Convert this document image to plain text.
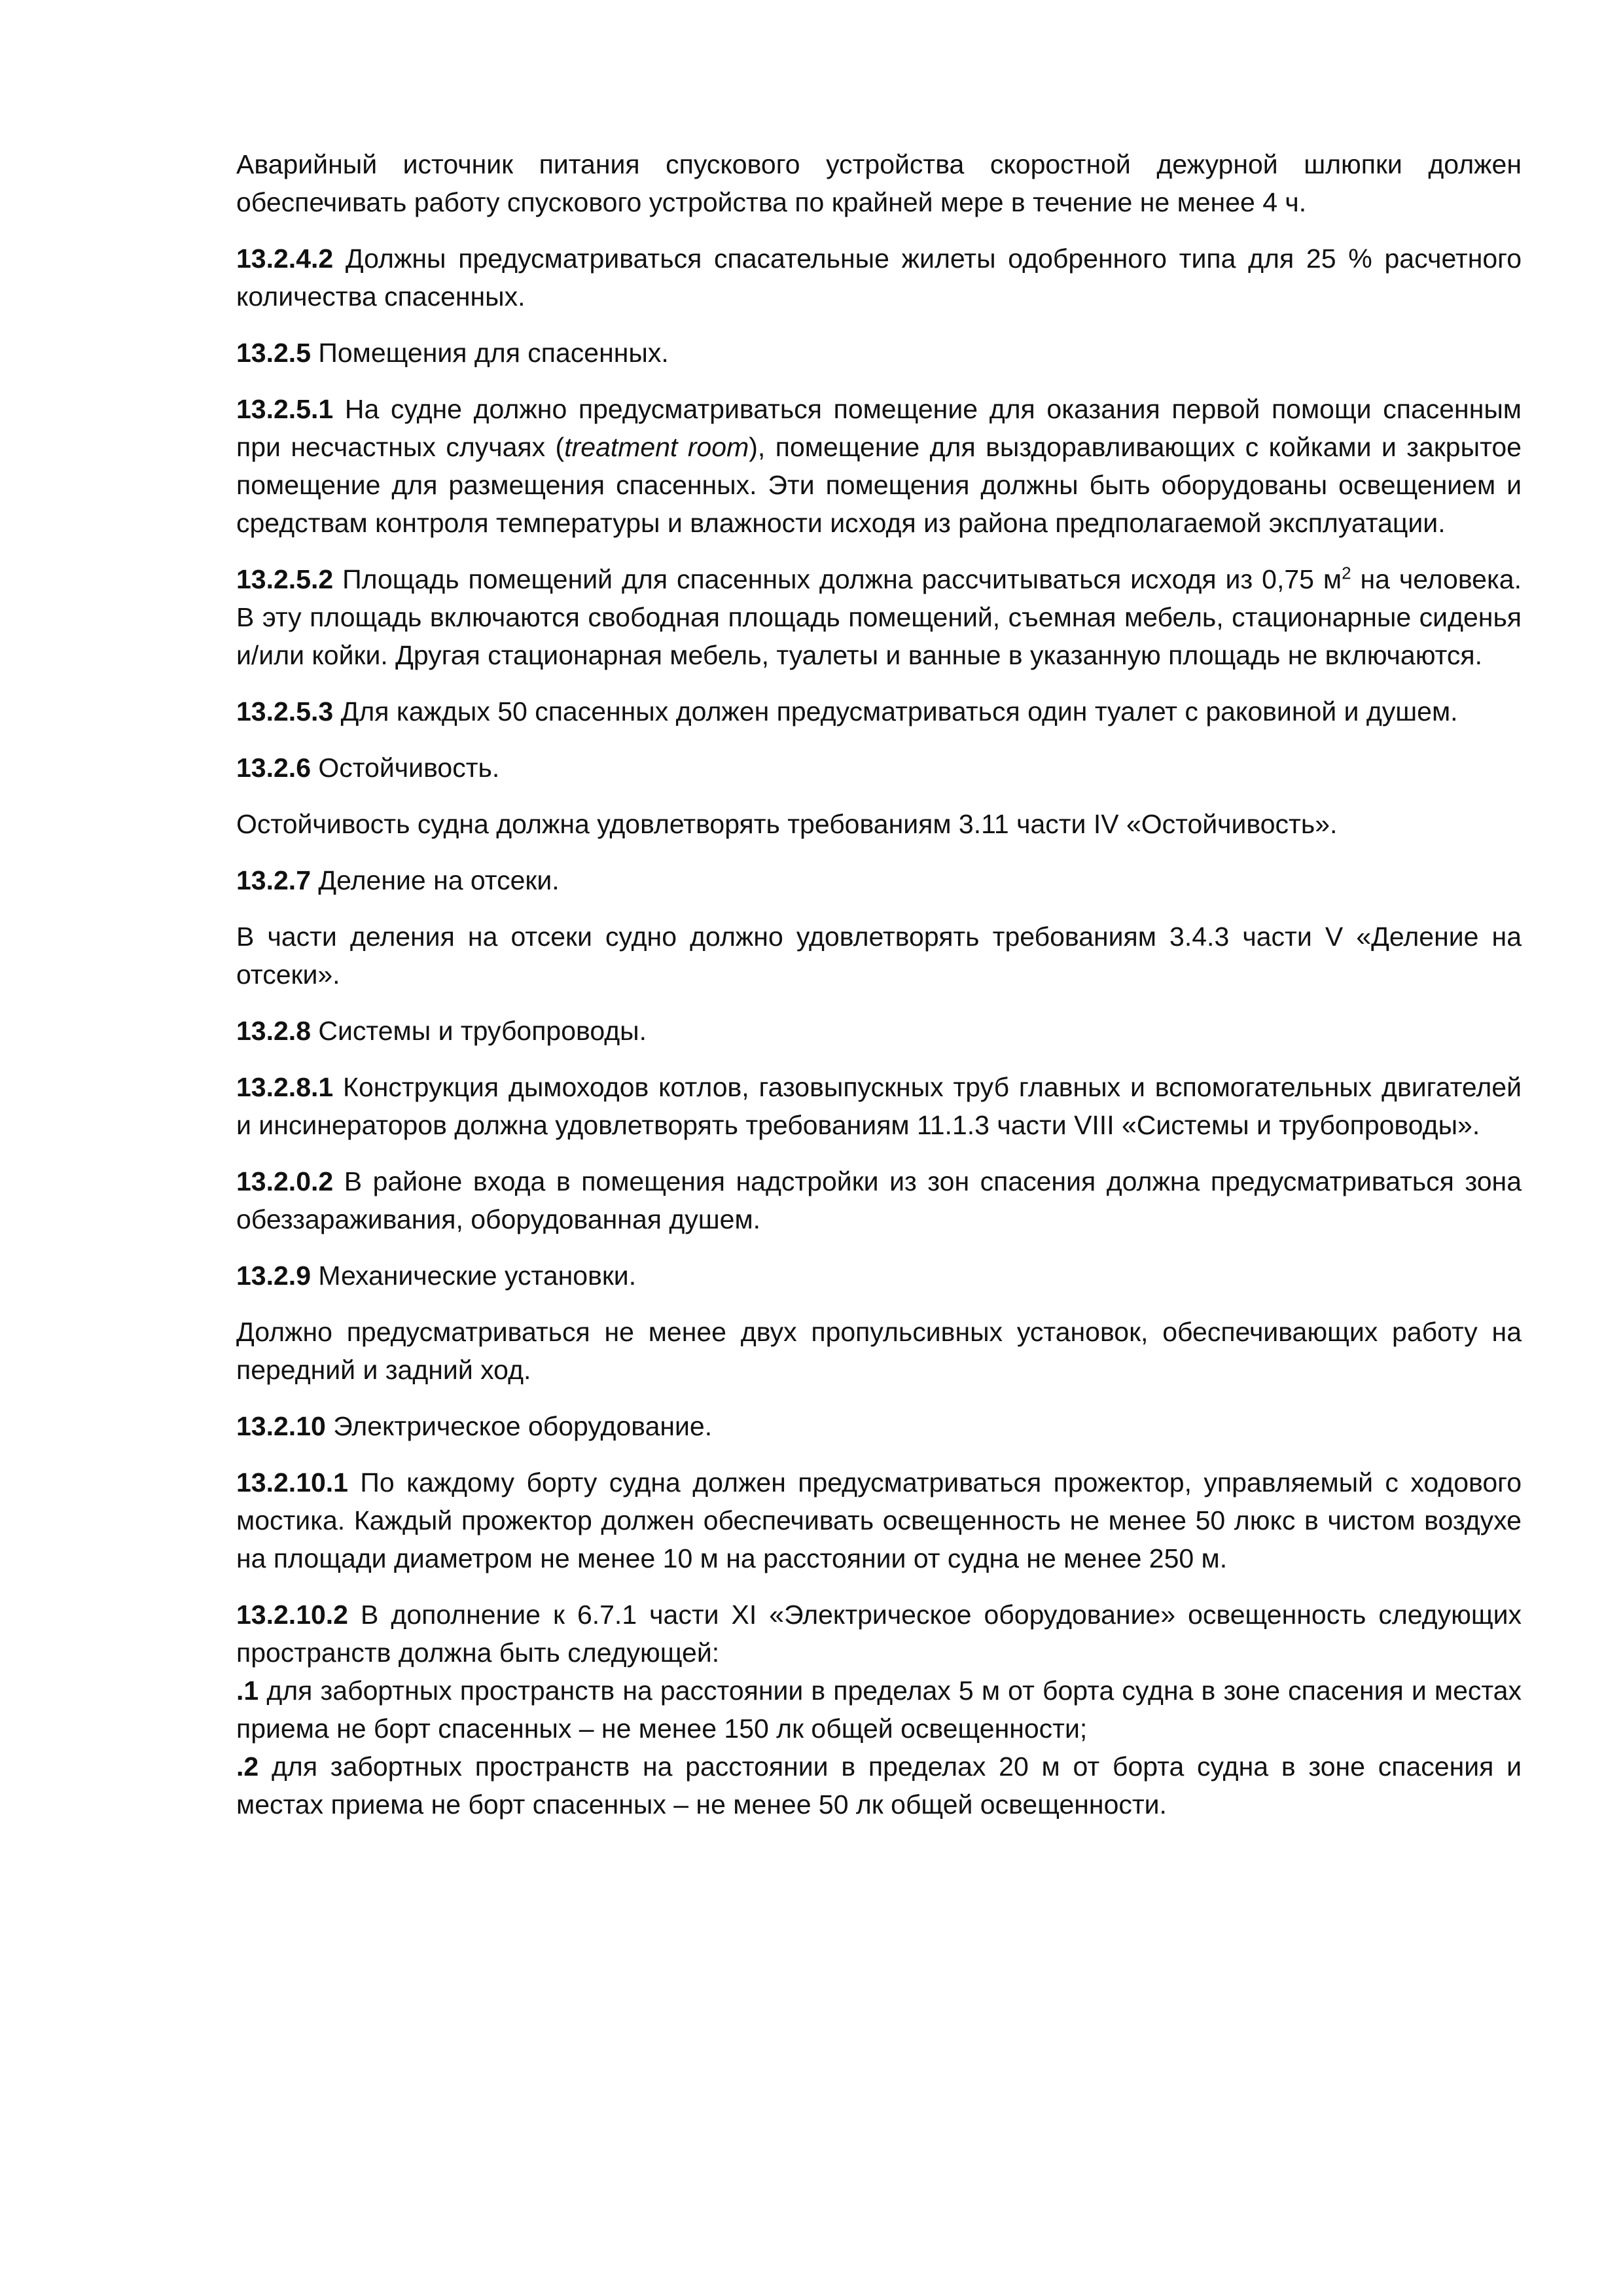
Аварийный источник питания спускового устройства скоростной дежурной шлюпки должен обеспечивать работу спускового устройства по крайней мере в течение не менее 4 ч.

13.2.4.2 Должны предусматриваться спасательные жилеты одобренного типа для 25 % расчетного количества спасенных.

13.2.5 Помещения для спасенных.

13.2.5.1 На судне должно предусматриваться помещение для оказания первой помощи спасенным при несчастных случаях (treatment room), помещение для выздоравливающих с койками и закрытое помещение для размещения спасенных. Эти помещения должны быть оборудованы освещением и средствам контроля температуры и влажности исходя из района предполагаемой эксплуатации.

13.2.5.2 Площадь помещений для спасенных должна рассчитываться исходя из 0,75 $м^2$ на человека. В эту площадь включаются свободная площадь помещений, съемная мебель, стационарные сиденья и/или койки. Другая стационарная мебель, туалеты и ванные в указанную площадь не включаются.

13.2.5.3 Для каждых 50 спасенных должен предусматриваться один туалет с раковиной и душем.

13.2.6 Остойчивость.

Остойчивость судна должна удовлетворять требованиям 3.11 части IV «Остойчивость».

13.2.7 Деление на отсеки.

В части деления на отсеки судно должно удовлетворять требованиям 3.4.3 части V «Деление на отсеки».

13.2.8 Системы и трубопроводы.

13.2.8.1 Конструкция дымоходов котлов, газовыпускных труб главных и вспомогательных двигателей и инсинераторов должна удовлетворять требованиям 11.1.3 части VIII «Системы и трубопроводы».

13.2.0.2 В районе входа в помещения надстройки из зон спасения должна предусматриваться зона обеззараживания, оборудованная душем.

13.2.9 Механические установки.

Должно предусматриваться не менее двух пропульсивных установок, обеспечивающих работу на передний и задний ход.

13.2.10 Электрическое оборудование.

13.2.10.1 По каждому борту судна должен предусматриваться прожектор, управляемый с ходового мостика. Каждый прожектор должен обеспечивать освещенность не менее 50 люкс в чистом воздухе на площади диаметром не менее 10 м на расстоянии от судна не менее 250 м.

13.2.10.2 В дополнение к 6.7.1 части XI «Электрическое оборудование» освещенность следующих пространств должна быть следующей:

.1 для забортных пространств на расстоянии в пределах 5 м от борта судна в зоне спасения и местах приема не борт спасенных – не менее 150 лк общей освещенности;

.2 для забортных пространств на расстоянии в пределах 20 м от борта судна в зоне спасения и местах приема не борт спасенных – не менее 50 лк общей освещенности.
